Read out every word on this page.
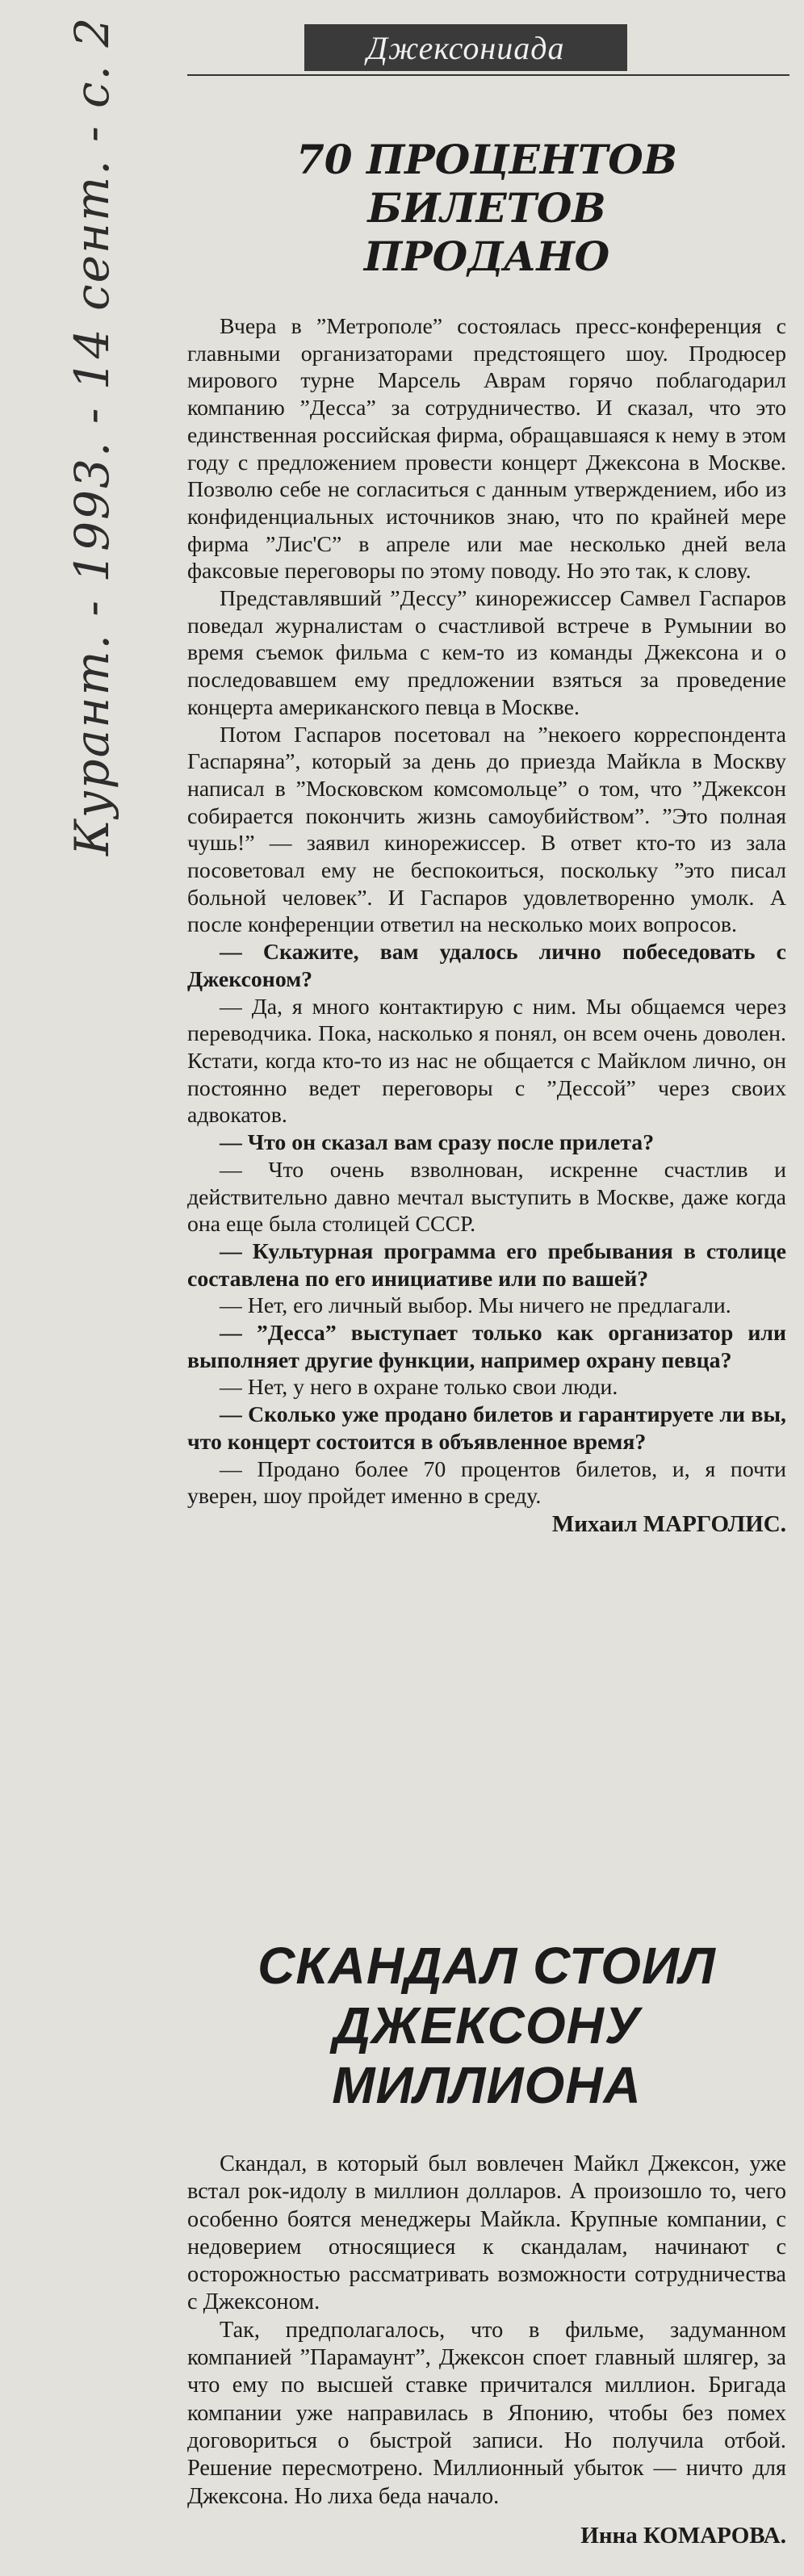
Джексониада
Курант. - 1993. - 14 сент. - с. 2	70 ПРОЦЕНТОВ БИЛЕТОВ
ПРОДАНО

Вчера в ”Метрополе” состоялась пресс-конференция с главными организаторами предстоящего шоу. Продюсер мирового турне Марсель Аврам горячо поблагодарил компанию ”Десса” за сотрудничество. И сказал, что это единственная российская фирма, обращавшаяся к нему в этом году с предложением провести концерт Джексона в Москве. Позволю себе не согласиться с данным утверждением, ибо из конфиденциальных источников знаю, что по крайней мере фирма ”Лис'С” в апреле или мае несколько дней вела факсовые переговоры по этому поводу. Но это так, к слову.

Представлявший ”Дессу” кинорежиссер Самвел Гаспаров поведал журналистам о счастливой встрече в Румынии во время съемок фильма с кем-то из команды Джексона и о последовавшем ему предложении взяться за проведение концерта американского певца в Москве.

Потом Гаспаров посетовал на ”некоего корреспондента Гаспаряна”, который за день до приезда Майкла в Москву написал в ”Московском комсомольце” о том, что ”Джексон собирается покончить жизнь самоубийством”. ”Это полная чушь!” — заявил кинорежиссер. В ответ кто-то из зала посоветовал ему не беспокоиться, поскольку ”это писал больной человек”. И Гаспаров удовлетворенно умолк. А после конференции ответил на несколько моих вопросов.

— Скажите, вам удалось лично побеседовать с Джексоном?

— Да, я много контактирую с ним. Мы общаемся через переводчика. Пока, насколько я понял, он всем очень доволен. Кстати, когда кто-то из нас не общается с Майклом лично, он постоянно ведет переговоры с ”Дессой” через своих адвокатов.

— Что он сказал вам сразу после прилета?

— Что очень взволнован, искренне счастлив и действительно давно мечтал выступить в Москве, даже когда она еще была столицей СССР.

— Культурная программа его пребывания в столице составлена по его инициативе или по вашей?

— Нет, его личный выбор. Мы ничего не предлагали.

— ”Десса” выступает только как организатор или выполняет другие функции, например охрану певца?

— Нет, у него в охране только свои люди.

— Сколько уже продано билетов и гарантируете ли вы, что концерт состоится в объявленное время?

— Продано более 70 процентов билетов, и, я почти уверен, шоу пройдет именно в среду.

Михаил МАРГОЛИС.

СКАНДАЛ СТОИЛ
ДЖЕКСОНУ МИЛЛИОНА

Скандал, в который был вовлечен Майкл Джексон, уже встал рок-идолу в миллион долларов. А произошло то, чего особенно боятся менеджеры Майкла. Крупные компании, с недоверием относящиеся к скандалам, начинают с осторожностью рассматривать возможности сотрудничества с Джексоном.

Так, предполагалось, что в фильме, задуманном компанией ”Парамаунт”, Джексон споет главный шлягер, за что ему по высшей ставке причитался миллион. Бригада компании уже направилась в Японию, чтобы без помех договориться о быстрой записи. Но получила отбой. Решение пересмотрено. Миллионный убыток — ничто для Джексона. Но лиха беда начало.

Инна КОМАРОВА.
